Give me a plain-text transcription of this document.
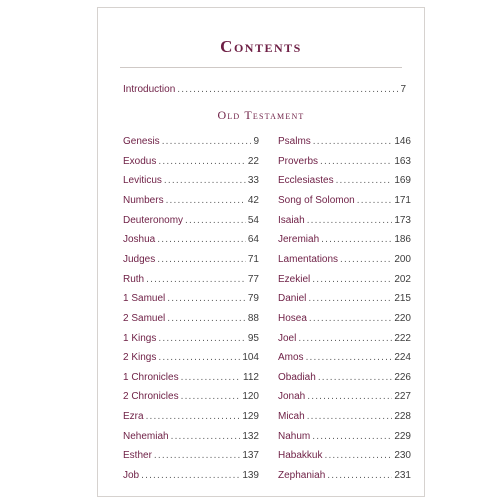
Contents
Introduction .....	7
Old Testament
Genesis .....	9
Exodus .....	22
Leviticus .....	33
Numbers .....	42
Deuteronomy .....	54
Joshua .....	64
Judges .....	71
Ruth .....	77
1 Samuel .....	79
2 Samuel .....	88
1 Kings .....	95
2 Kings .....	104
1 Chronicles .....	112
2 Chronicles .....	120
Ezra .....	129
Nehemiah .....	132
Esther .....	137
Job .....	139
Psalms .....	146
Proverbs .....	163
Ecclesiastes .....	169
Song of Solomon .....	171
Isaiah .....	173
Jeremiah .....	186
Lamentations .....	200
Ezekiel .....	202
Daniel .....	215
Hosea .....	220
Joel .....	222
Amos .....	224
Obadiah .....	226
Jonah .....	227
Micah .....	228
Nahum .....	229
Habakkuk .....	230
Zephaniah .....	231
